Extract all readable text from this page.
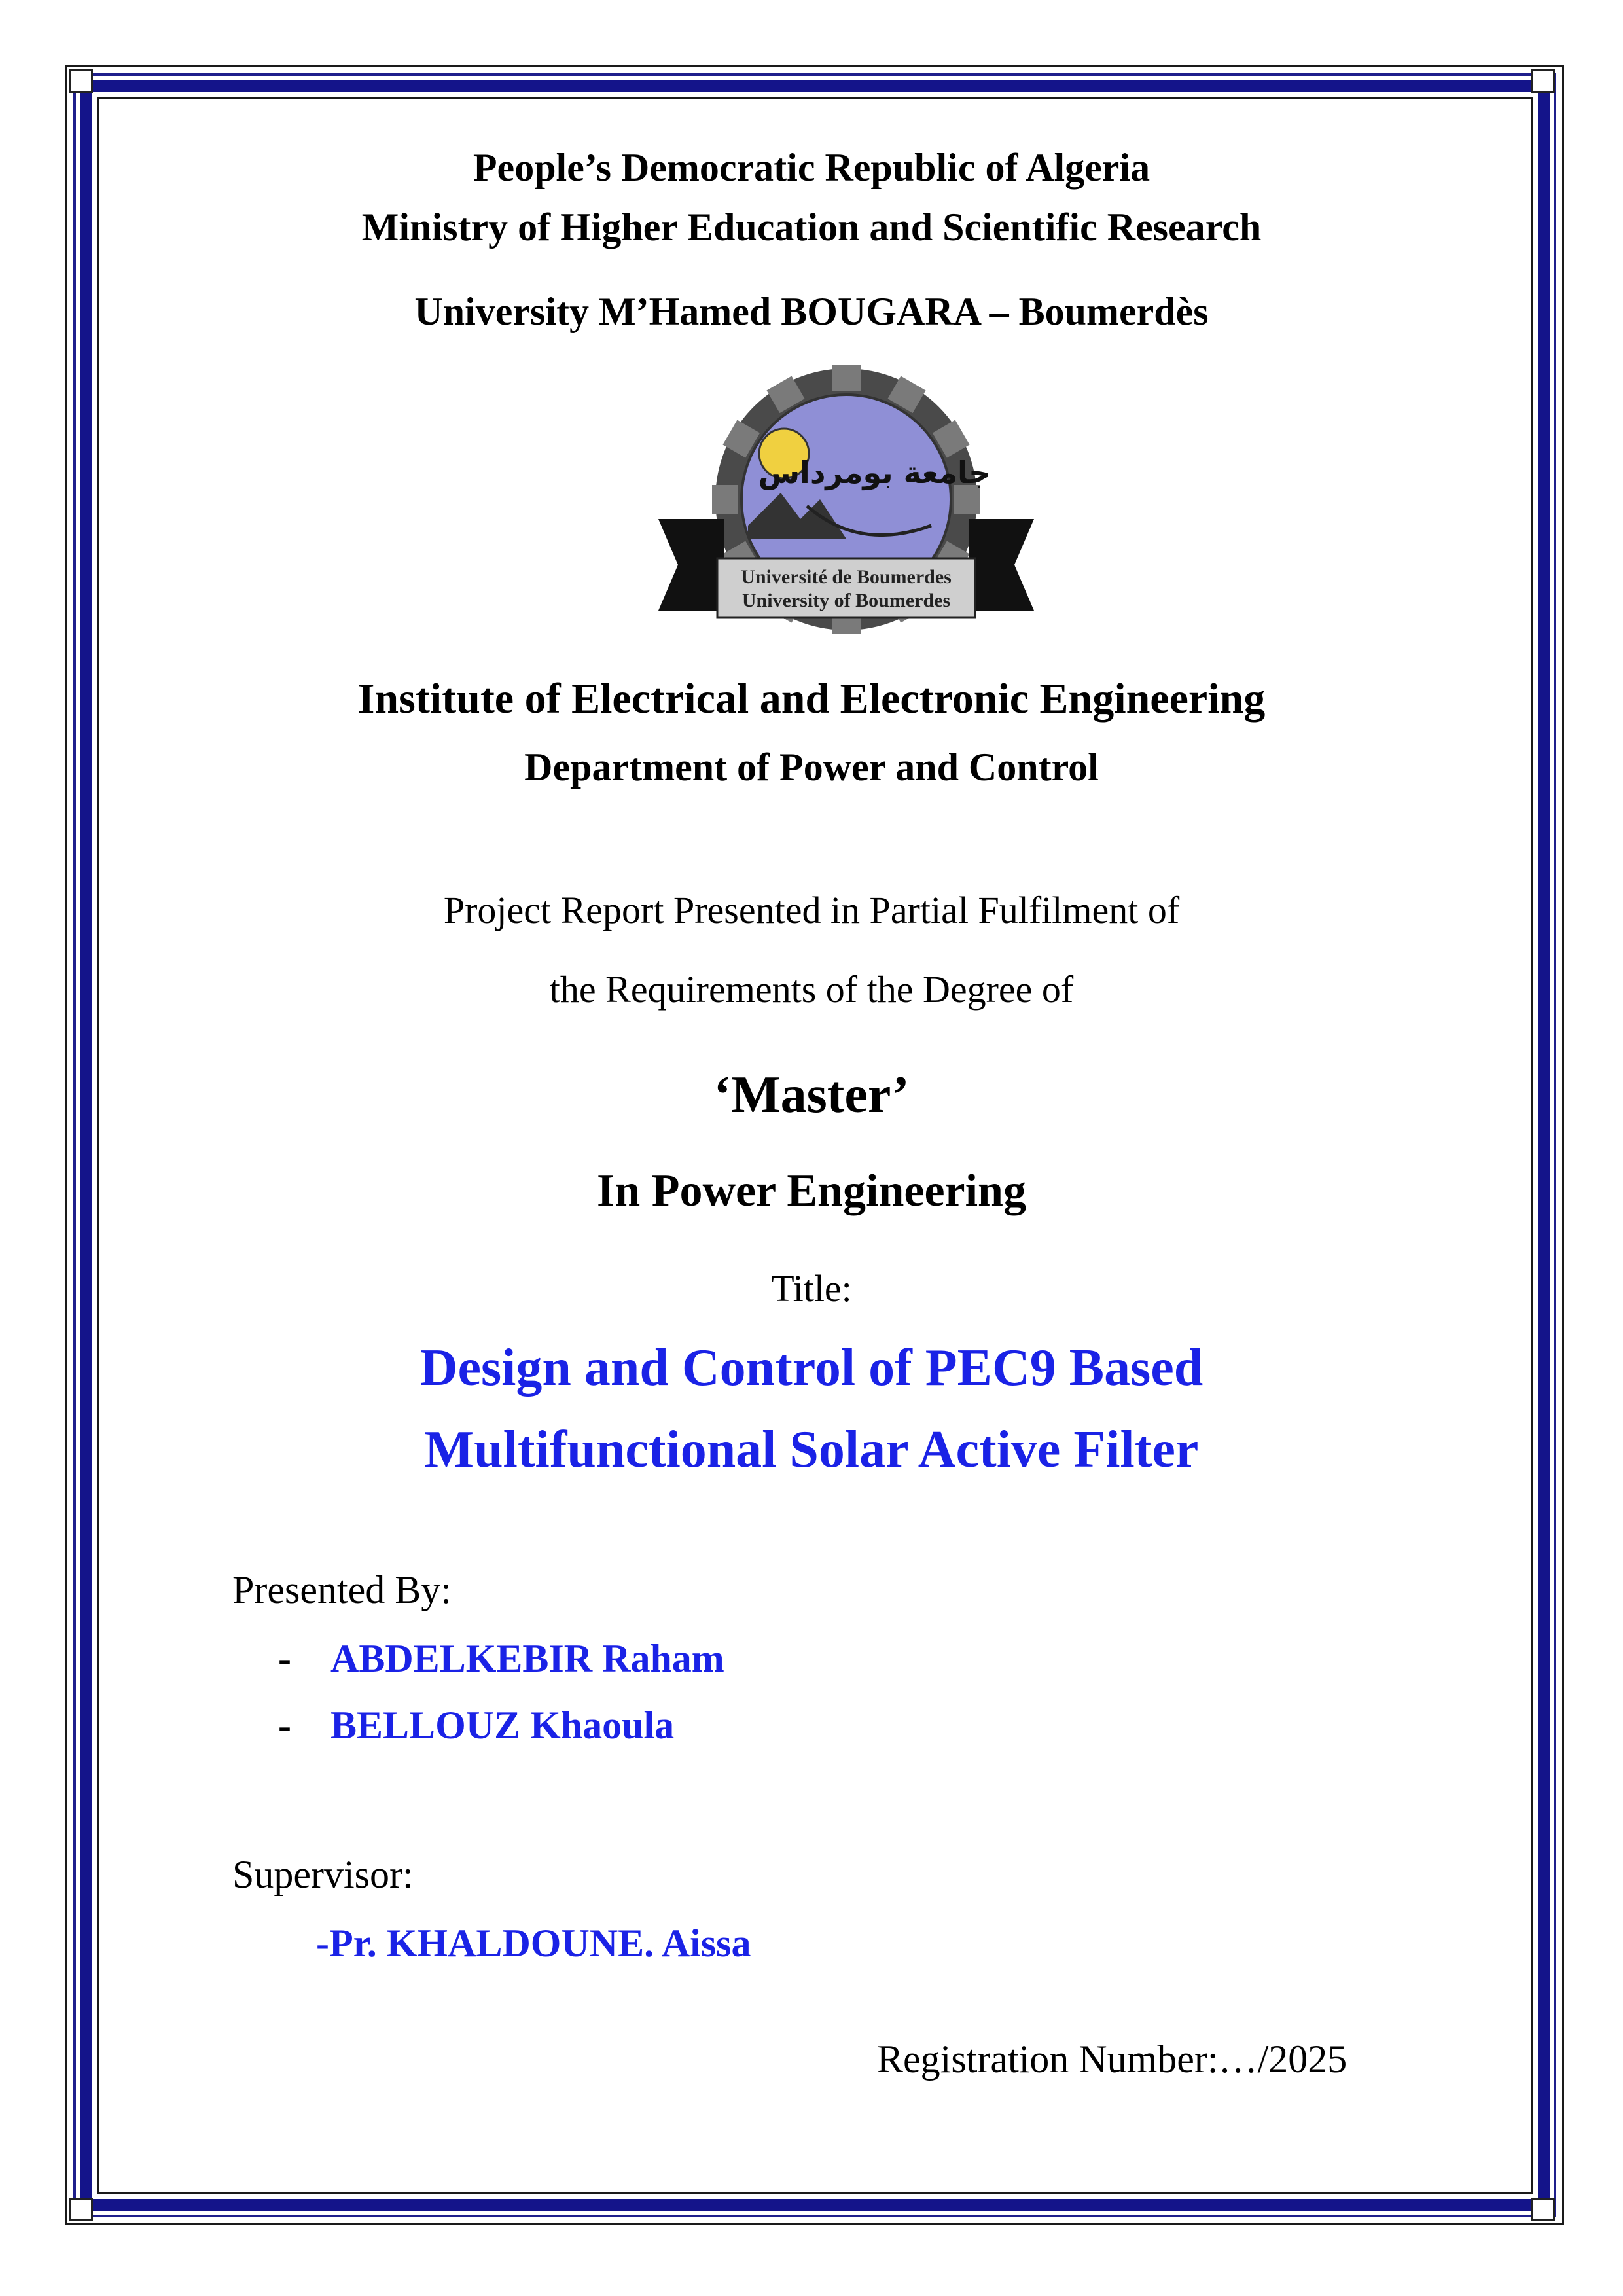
People’s Democratic Republic of Algeria
Ministry of Higher Education and Scientific Research
University M’Hamed BOUGARA – Boumerdès
جامعة بومرداس
Université de Boumerdes
University of Boumerdes
Institute of Electrical and Electronic Engineering
Department of Power and Control
Project Report Presented in Partial Fulfilment of
the Requirements of the Degree of
‘Master’
In Power Engineering
Title:
Design and Control of PEC9 Based
Multifunctional Solar Active Filter
Presented By:
- ABDELKEBIR Raham
- BELLOUZ Khaoula
Supervisor:
-Pr. KHALDOUNE. Aissa
Registration Number:…/2025
